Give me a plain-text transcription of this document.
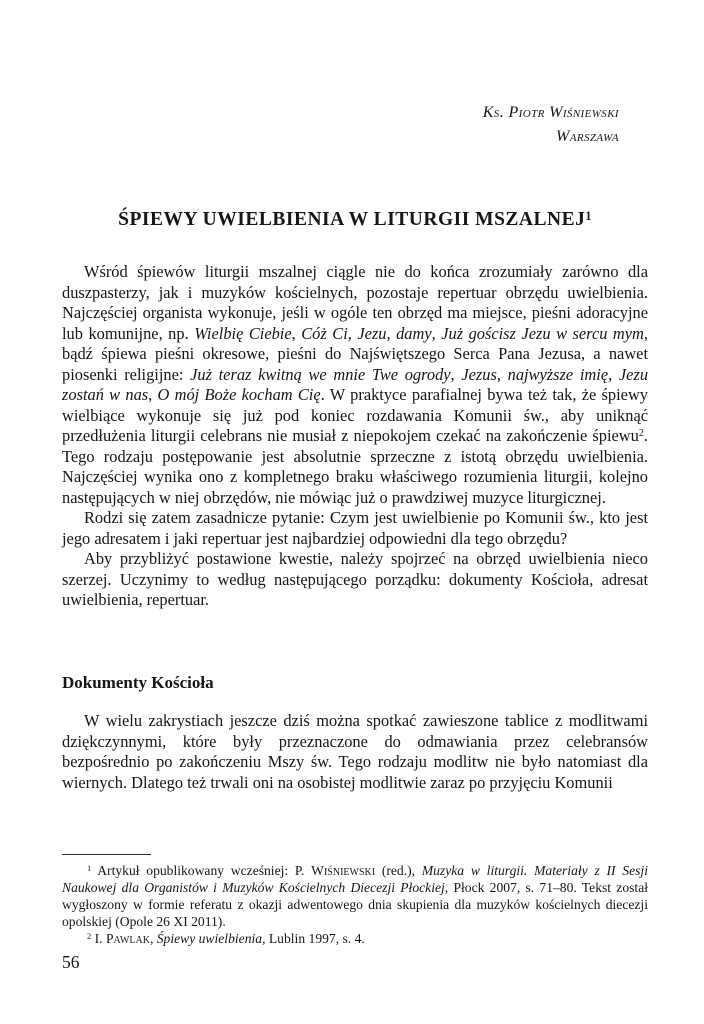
Ks. Piotr Wiśniewski
Warszawa
ŚPIEWY UWIELBIENIA W LITURGII MSZALNEJ$^1$

Wśród śpiewów liturgii mszalnej ciągle nie do końca zrozumiały zarówno dla duszpasterzy, jak i muzyków kościelnych, pozostaje repertuar obrzędu uwielbienia. Najczęściej organista wykonuje, jeśli w ogóle ten obrzęd ma miejsce, pieśni adoracyjne lub komunijne, np. Wielbię Ciebie, Cóż Ci, Jezu, damy, Już gościsz Jezu w sercu mym, bądź śpiewa pieśni okresowe, pieśni do Najświętszego Serca Pana Jezusa, a nawet piosenki religijne: Już teraz kwitną we mnie Twe ogrody, Jezus, najwyższe imię, Jezu zostań w nas, O mój Boże kocham Cię. W praktyce parafialnej bywa też tak, że śpiewy wielbiące wykonuje się już pod koniec rozdawania Komunii św., aby uniknąć przedłużenia liturgii celebrans nie musiał z niepokojem czekać na zakończenie śpiewu$^2$. Tego rodzaju postępowanie jest absolutnie sprzeczne z istotą obrzędu uwielbienia. Najczęściej wynika ono z kompletnego braku właściwego rozumienia liturgii, kolejno następujących w niej obrzędów, nie mówiąc już o prawdziwej muzyce liturgicznej.

Rodzi się zatem zasadnicze pytanie: Czym jest uwielbienie po Komunii św., kto jest jego adresatem i jaki repertuar jest najbardziej odpowiedni dla tego obrzędu?

Aby przybliżyć postawione kwestie, należy spojrzeć na obrzęd uwielbienia nieco szerzej. Uczynimy to według następującego porządku: dokumenty Kościoła, adresat uwielbienia, repertuar.

Dokumenty Kościoła

W wielu zakrystiach jeszcze dziś można spotkać zawieszone tablice z modlitwami dziękczynnymi, które były przeznaczone do odmawiania przez celebransów bezpośrednio po zakończeniu Mszy św. Tego rodzaju modlitw nie było natomiast dla wiernych. Dlatego też trwali oni na osobistej modlitwie zaraz po przyjęciu Komunii

$^1$ Artykuł opublikowany wcześniej: P. Wiśniewski (red.), Muzyka w liturgii. Materiały z II Sesji Naukowej dla Organistów i Muzyków Kościelnych Diecezji Płockiej, Płock 2007, s. 71–80. Tekst został wygłoszony w formie referatu z okazji adwentowego dnia skupienia dla muzyków kościelnych diecezji opolskiej (Opole 26 XI 2011).

$^2$ I. Pawlak, Śpiewy uwielbienia, Lublin 1997, s. 4.

56
